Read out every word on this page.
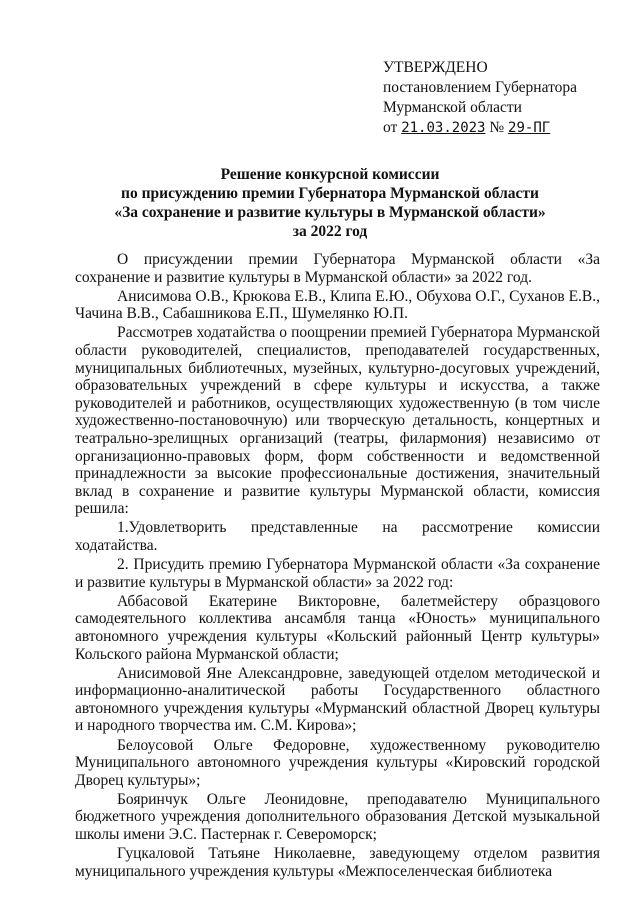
УТВЕРЖДЕНО
постановлением Губернатора
Мурманской области
от 21.03.2023 № 29-ПГ
Решение конкурсной комиссии
по присуждению премии Губернатора Мурманской области
«За сохранение и развитие культуры в Мурманской области»
за 2022 год

О присуждении премии Губернатора Мурманской области «За сохранение и развитие культуры в Мурманской области» за 2022 год.

Анисимова О.В., Крюкова Е.В., Клипа Е.Ю., Обухова О.Г., Суханов Е.В., Чачина В.В., Сабашникова Е.П., Шумелянко Ю.П.

Рассмотрев ходатайства о поощрении премией Губернатора Мурманской области руководителей, специалистов, преподавателей государственных, муниципальных библиотечных, музейных, культурно-досуговых учреждений, образовательных учреждений в сфере культуры и искусства, а также руководителей и работников, осуществляющих художественную (в том числе художественно-постановочную) или творческую детальность, концертных и театрально-зрелищных организаций (театры, филармония) независимо от организационно-правовых форм, форм собственности и ведомственной принадлежности за высокие профессиональные достижения, значительный вклад в сохранение и развитие культуры Мурманской области, комиссия решила:

1.Удовлетворить представленные на рассмотрение комиссии ходатайства.

2. Присудить премию Губернатора Мурманской области «За сохранение и развитие культуры в Мурманской области» за 2022 год:

Аббасовой Екатерине Викторовне, балетмейстеру образцового самодеятельного коллектива ансамбля танца «Юность» муниципального автономного учреждения культуры «Кольский районный Центр культуры» Кольского района Мурманской области;

Анисимовой Яне Александровне, заведующей отделом методической и информационно-аналитической работы Государственного областного автономного учреждения культуры «Мурманский областной Дворец культуры и народного творчества им. С.М. Кирова»;

Белоусовой Ольге Федоровне, художественному руководителю Муниципального автономного учреждения культуры «Кировский городской Дворец культуры»;

Бояринчук Ольге Леонидовне, преподавателю Муниципального бюджетного учреждения дополнительного образования Детской музыкальной школы имени Э.С. Пастернак г. Североморск;

Гуцкаловой Татьяне Николаевне, заведующему отделом развития муниципального учреждения культуры «Межпоселенческая библиотека
